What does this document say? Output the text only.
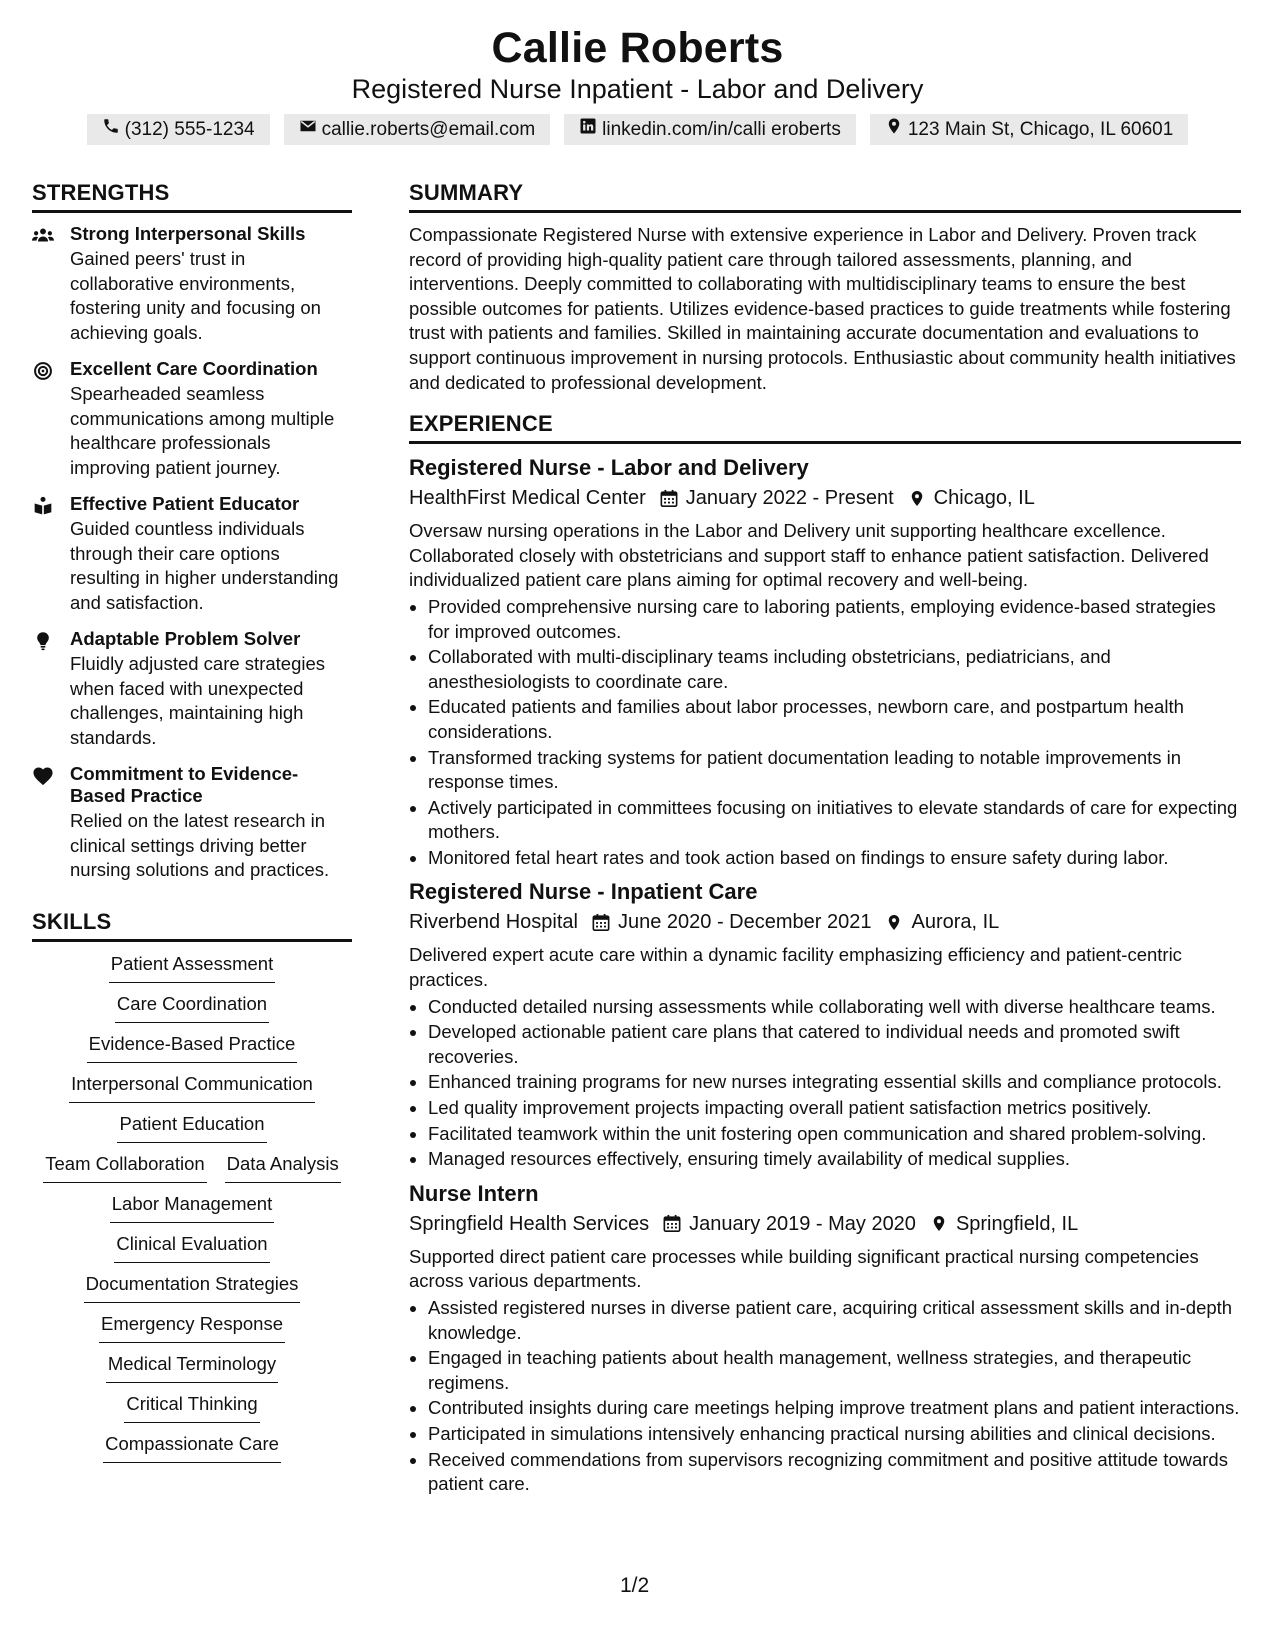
Callie Roberts
Registered Nurse Inpatient - Labor and Delivery
(312) 555-1234	callie.roberts@email.com	linkedin.com/in/calli eroberts	123 Main St, Chicago, IL 60601
STRENGTHS
Strong Interpersonal Skills
Gained peers' trust in collaborative environments, fostering unity and focusing on achieving goals.
Excellent Care Coordination
Spearheaded seamless communications among multiple healthcare professionals improving patient journey.
Effective Patient Educator
Guided countless individuals through their care options resulting in higher understanding and satisfaction.
Adaptable Problem Solver
Fluidly adjusted care strategies when faced with unexpected challenges, maintaining high standards.
Commitment to Evidence-Based Practice
Relied on the latest research in clinical settings driving better nursing solutions and practices.
SKILLS
Patient Assessment
Care Coordination
Evidence-Based Practice
Interpersonal Communication
Patient Education
Team Collaboration Data Analysis
Labor Management
Clinical Evaluation
Documentation Strategies
Emergency Response
Medical Terminology
Critical Thinking
Compassionate Care
SUMMARY
Compassionate Registered Nurse with extensive experience in Labor and Delivery. Proven track record of providing high-quality patient care through tailored assessments, planning, and interventions. Deeply committed to collaborating with multidisciplinary teams to ensure the best possible outcomes for patients. Utilizes evidence-based practices to guide treatments while fostering trust with patients and families. Skilled in maintaining accurate documentation and evaluations to support continuous improvement in nursing protocols. Enthusiastic about community health initiatives and dedicated to professional development.
EXPERIENCE
Registered Nurse - Labor and Delivery
HealthFirst Medical Center January 2022 - Present Chicago, IL
Oversaw nursing operations in the Labor and Delivery unit supporting healthcare excellence. Collaborated closely with obstetricians and support staff to enhance patient satisfaction. Delivered individualized patient care plans aiming for optimal recovery and well-being.
• Provided comprehensive nursing care to laboring patients, employing evidence-based strategies for improved outcomes.
• Collaborated with multi-disciplinary teams including obstetricians, pediatricians, and anesthesiologists to coordinate care.
• Educated patients and families about labor processes, newborn care, and postpartum health considerations.
• Transformed tracking systems for patient documentation leading to notable improvements in response times.
• Actively participated in committees focusing on initiatives to elevate standards of care for expecting mothers.
• Monitored fetal heart rates and took action based on findings to ensure safety during labor.
Registered Nurse - Inpatient Care
Riverbend Hospital June 2020 - December 2021 Aurora, IL
Delivered expert acute care within a dynamic facility emphasizing efficiency and patient-centric practices.
• Conducted detailed nursing assessments while collaborating well with diverse healthcare teams.
• Developed actionable patient care plans that catered to individual needs and promoted swift recoveries.
• Enhanced training programs for new nurses integrating essential skills and compliance protocols.
• Led quality improvement projects impacting overall patient satisfaction metrics positively.
• Facilitated teamwork within the unit fostering open communication and shared problem-solving.
• Managed resources effectively, ensuring timely availability of medical supplies.
Nurse Intern
Springfield Health Services January 2019 - May 2020 Springfield, IL
Supported direct patient care processes while building significant practical nursing competencies across various departments.
• Assisted registered nurses in diverse patient care, acquiring critical assessment skills and in-depth knowledge.
• Engaged in teaching patients about health management, wellness strategies, and therapeutic regimens.
• Contributed insights during care meetings helping improve treatment plans and patient interactions.
• Participated in simulations intensively enhancing practical nursing abilities and clinical decisions.
• Received commendations from supervisors recognizing commitment and positive attitude towards patient care.
1/2
